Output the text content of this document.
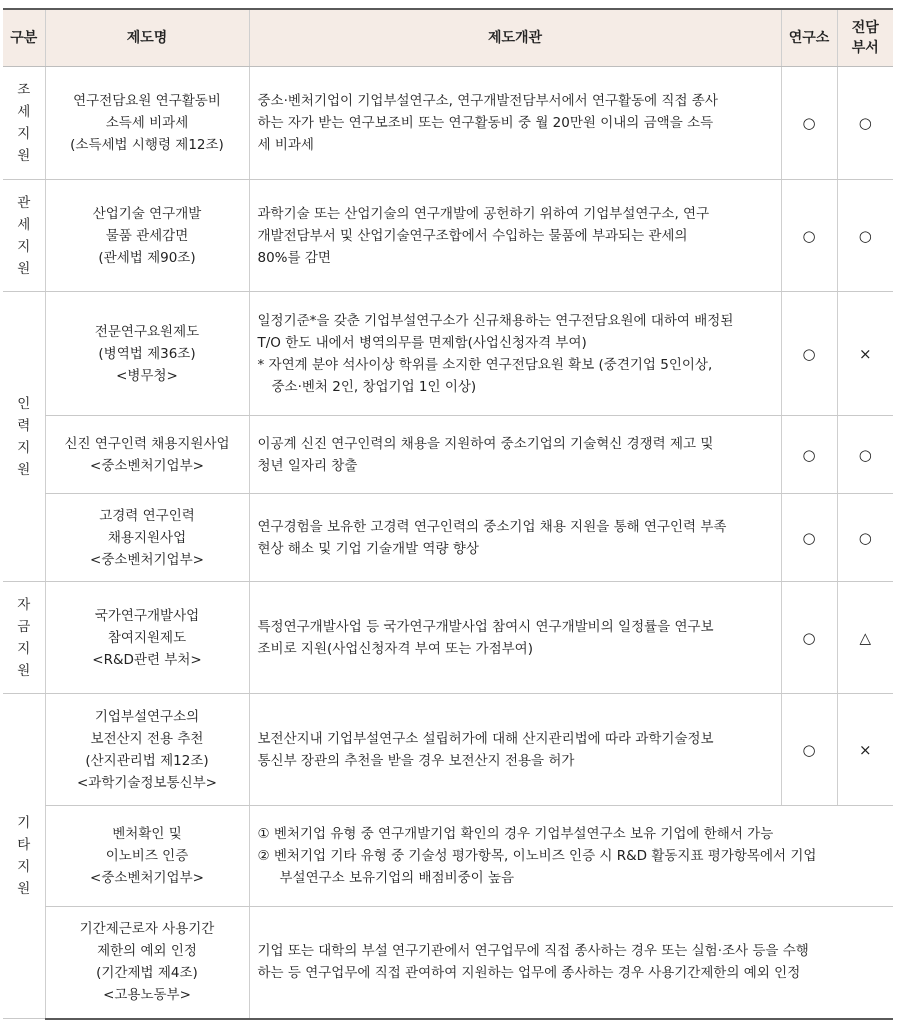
구분	제도명	제도개관	연구소	전담
부서

조
세
지
원	연구전담요원 연구활동비
소득세 비과세
(소득세법 시행령 제12조)	중소·벤처기업이 기업부설연구소, 연구개발전담부서에서 연구활동에 직접 종사
하는 자가 받는 연구보조비 또는 연구활동비 중 월 20만원 이내의 금액을 소득
세 비과세	○	○

관
세
지
원	산업기술 연구개발
물품 관세감면
(관세법 제90조)	과학기술 또는 산업기술의 연구개발에 공헌하기 위하여 기업부설연구소, 연구
개발전담부서 및 산업기술연구조합에서 수입하는 물품에 부과되는 관세의
80%를 감면	○	○

인
력
지
원	전문연구요원제도
(병역법 제36조)
<병무청>	일정기준*을 갖춘 기업부설연구소가 신규채용하는 연구전담요원에 대하여 배정된
T/O 한도 내에서 병역의무를 면제함(사업신청자격 부여)
* 자연계 분야 석사이상 학위를 소지한 연구전담요원 확보 (중견기업 5인이상,
중소·벤처 2인, 창업기업 1인 이상)	○	×

	신진 연구인력 채용지원사업
<중소벤처기업부>	이공계 신진 연구인력의 채용을 지원하여 중소기업의 기술혁신 경쟁력 제고 및
청년 일자리 창출	○	○

	고경력 연구인력
채용지원사업
<중소벤처기업부>	연구경험을 보유한 고경력 연구인력의 중소기업 채용 지원을 통해 연구인력 부족
현상 해소 및 기업 기술개발 역량 향상	○	○

자
금
지
원	국가연구개발사업
참여지원제도
<R&D관련 부처>	특정연구개발사업 등 국가연구개발사업 참여시 연구개발비의 일정률을 연구보
조비로 지원(사업신청자격 부여 또는 가점부여)	○	△

기
타
지
원	기업부설연구소의
보전산지 전용 추천
(산지관리법 제12조)
<과학기술정보통신부>	보전산지내 기업부설연구소 설립허가에 대해 산지관리법에 따라 과학기술정보
통신부 장관의 추천을 받을 경우 보전산지 전용을 허가	○	×

	벤처확인 및
이노비즈 인증
<중소벤처기업부>	① 벤처기업 유형 중 연구개발기업 확인의 경우 기업부설연구소 보유 기업에 한해서 가능
② 벤처기업 기타 유형 중 기술성 평가항목, 이노비즈 인증 시 R&D 활동지표 평가항목에서 기업
부설연구소 보유기업의 배점비중이 높음		

	기간제근로자 사용기간
제한의 예외 인정
(기간제법 제4조)
<고용노동부>	기업 또는 대학의 부설 연구기관에서 연구업무에 직접 종사하는 경우 또는 실험·조사 등을 수행
하는 등 연구업무에 직접 관여하여 지원하는 업무에 종사하는 경우 사용기간제한의 예외 인정		
